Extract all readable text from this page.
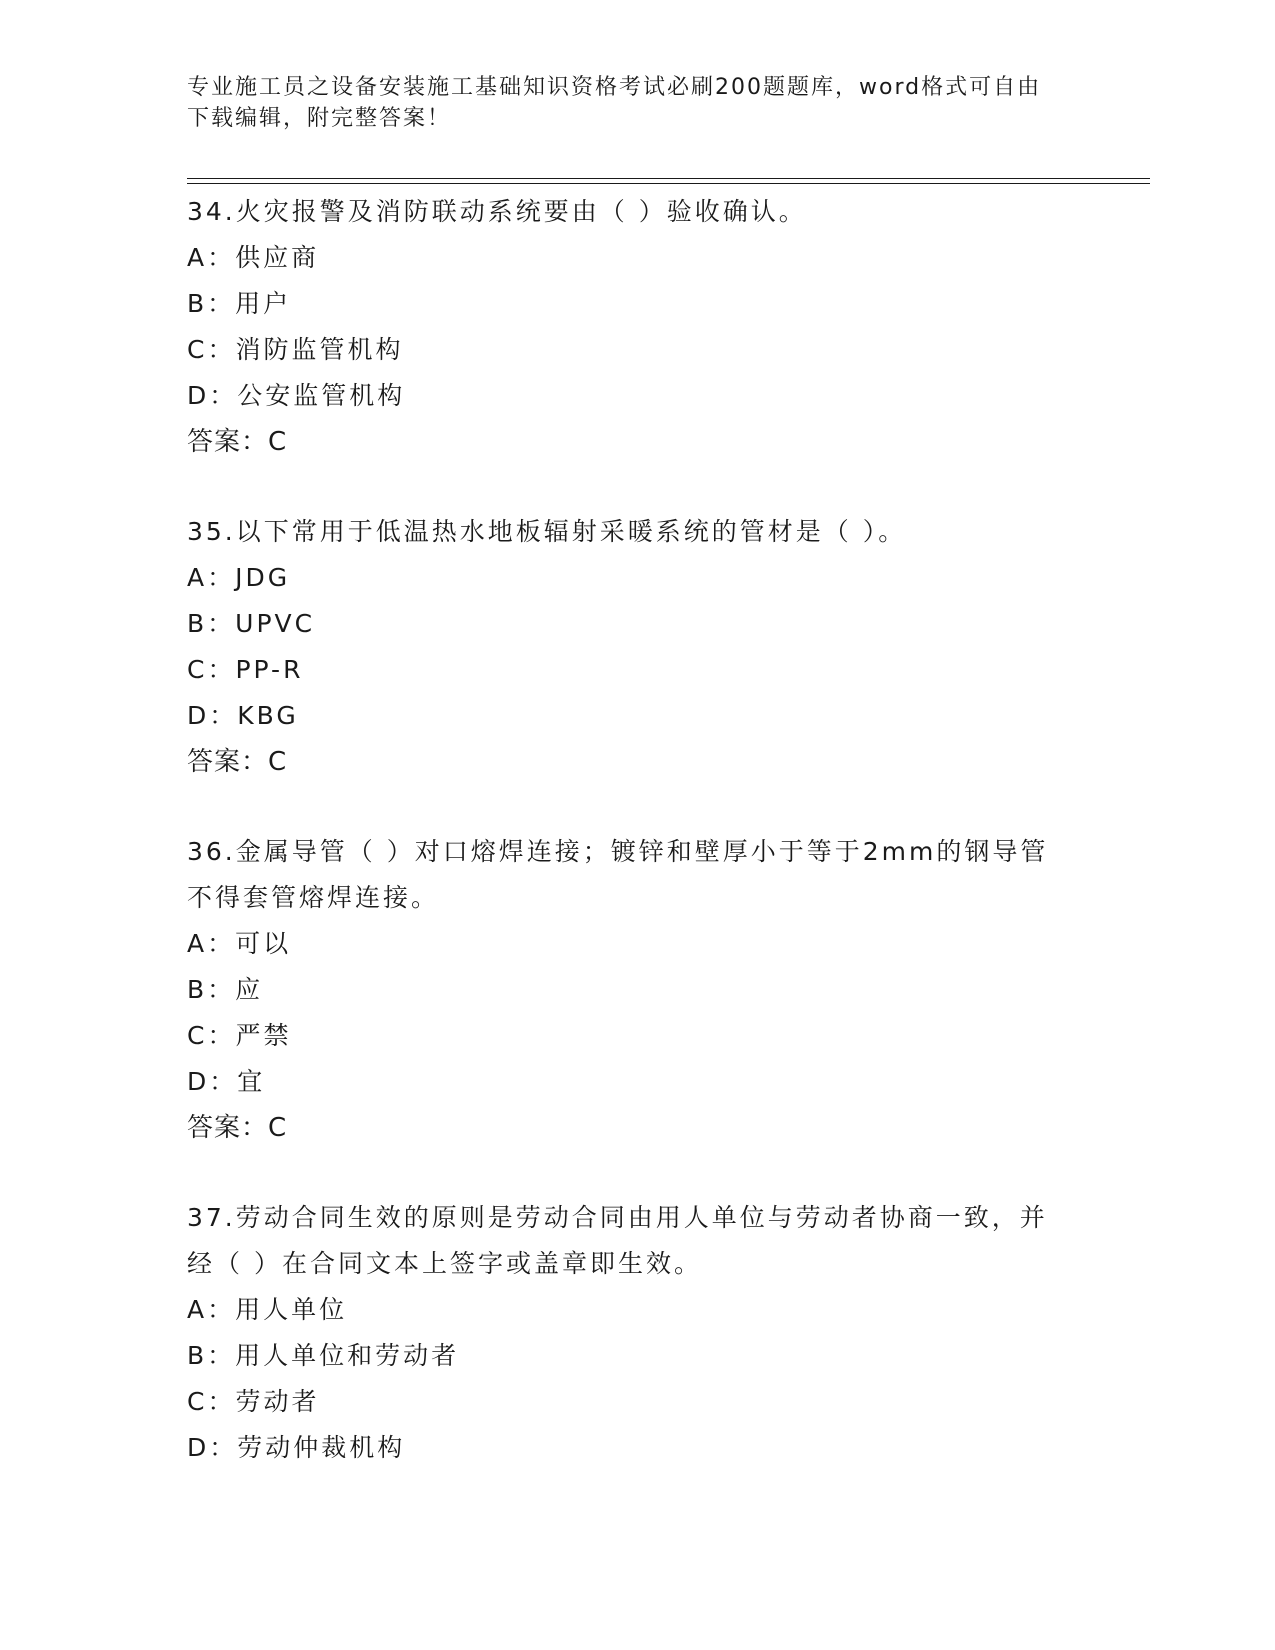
专业施工员之设备安装施工基础知识资格考试必刷200题题库，word格式可自由
下载编辑，附完整答案！
34.火灾报警及消防联动系统要由（ ）验收确认。
A：供应商
B：用户
C：消防监管机构
D：公安监管机构
答案：C
35.以下常用于低温热水地板辐射采暖系统的管材是（ ）。
A：JDG
B：UPVC
C：PP-R
D：KBG
答案：C
36.金属导管（ ）对口熔焊连接；镀锌和壁厚小于等于2mm的钢导管
不得套管熔焊连接。
A：可以
B：应
C：严禁
D：宜
答案：C
37.劳动合同生效的原则是劳动合同由用人单位与劳动者协商一致，并
经（ ）在合同文本上签字或盖章即生效。
A：用人单位
B：用人单位和劳动者
C：劳动者
D：劳动仲裁机构
